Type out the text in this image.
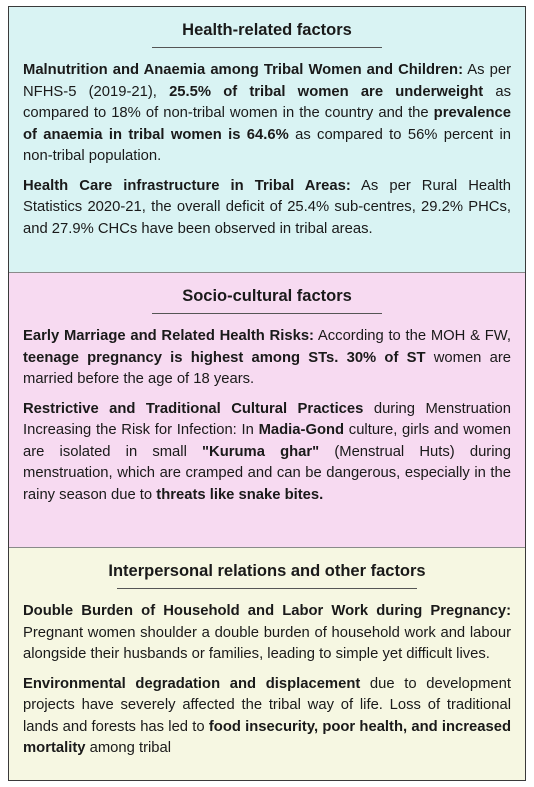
Health-related factors

Malnutrition and Anaemia among Tribal Women and Children: As per NFHS-5 (2019-21), 25.5% of tribal women are underweight as compared to 18% of non-tribal women in the country and the prevalence of anaemia in tribal women is 64.6% as compared to 56% percent in non-tribal population.

Health Care infrastructure in Tribal Areas: As per Rural Health Statistics 2020-21, the overall deficit of 25.4% sub-centres, 29.2% PHCs, and 27.9% CHCs have been observed in tribal areas.

Socio-cultural factors

Early Marriage and Related Health Risks: According to the MOH & FW, teenage pregnancy is highest among STs. 30% of ST women are married before the age of 18 years.

Restrictive and Traditional Cultural Practices during Menstruation Increasing the Risk for Infection: In Madia-Gond culture, girls and women are isolated in small "Kuruma ghar" (Menstrual Huts) during menstruation, which are cramped and can be dangerous, especially in the rainy season due to threats like snake bites.

Interpersonal relations and other factors

Double Burden of Household and Labor Work during Pregnancy: Pregnant women shoulder a double burden of household work and labour alongside their husbands or families, leading to simple yet difficult lives.

Environmental degradation and displacement due to development projects have severely affected the tribal way of life. Loss of traditional lands and forests has led to food insecurity, poor health, and increased mortality among tribal
